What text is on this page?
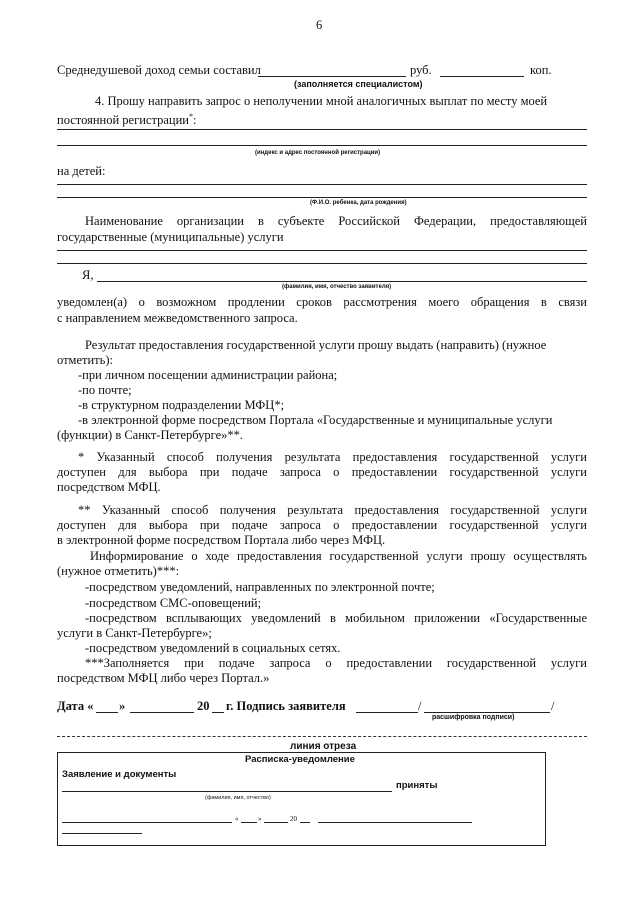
6
Среднедушевой доход семьи составил	руб.	коп.
(заполняется специалистом)
4. Прошу направить запрос о неполучении мной аналогичных выплат по месту моей
постоянной регистрации*:
(индекс и адрес постоянной регистрации)
на детей:
(Ф.И.О. ребенка, дата рождения)
Наименование организации в субъекте Российской Федерации, предоставляющей
государственные (муниципальные) услуги
Я,
(фамилия, имя, отчество заявителя)
уведомлен(а) о возможном продлении сроков рассмотрения моего обращения в связи
с направлением межведомственного запроса.
Результат предоставления государственной услуги прошу выдать (направить) (нужное
отметить):
-при личном посещении администрации района;
-по почте;
-в структурном подразделении МФЦ*;
-в электронной форме посредством Портала «Государственные и муниципальные услуги
(функции) в Санкт-Петербурге»**.
* Указанный способ получения результата предоставления государственной услуги
доступен для выбора при подаче запроса о предоставлении государственной услуги
посредством МФЦ.
** Указанный способ получения результата предоставления государственной услуги
доступен для выбора при подаче запроса о предоставлении государственной услуги
в электронной форме посредством Портала либо через МФЦ.
Информирование о ходе предоставления государственной услуги прошу осуществлять
(нужное отметить)***:
-посредством уведомлений, направленных по электронной почте;
-посредством СМС-оповещений;
-посредством всплывающих уведомлений в мобильном приложении «Государственные
услуги в Санкт-Петербурге»;
-посредством уведомлений в социальных сетях.
***Заполняется при подаче запроса о предоставлении государственной услуги
посредством МФЦ либо через Портал.»
Дата « »	20 г. Подпись заявителя	/	/
расшифровка подписи)
линия отреза
Расписка-уведомление
Заявление и документы
приняты
(фамилия, имя, отчество)
«	»	20
